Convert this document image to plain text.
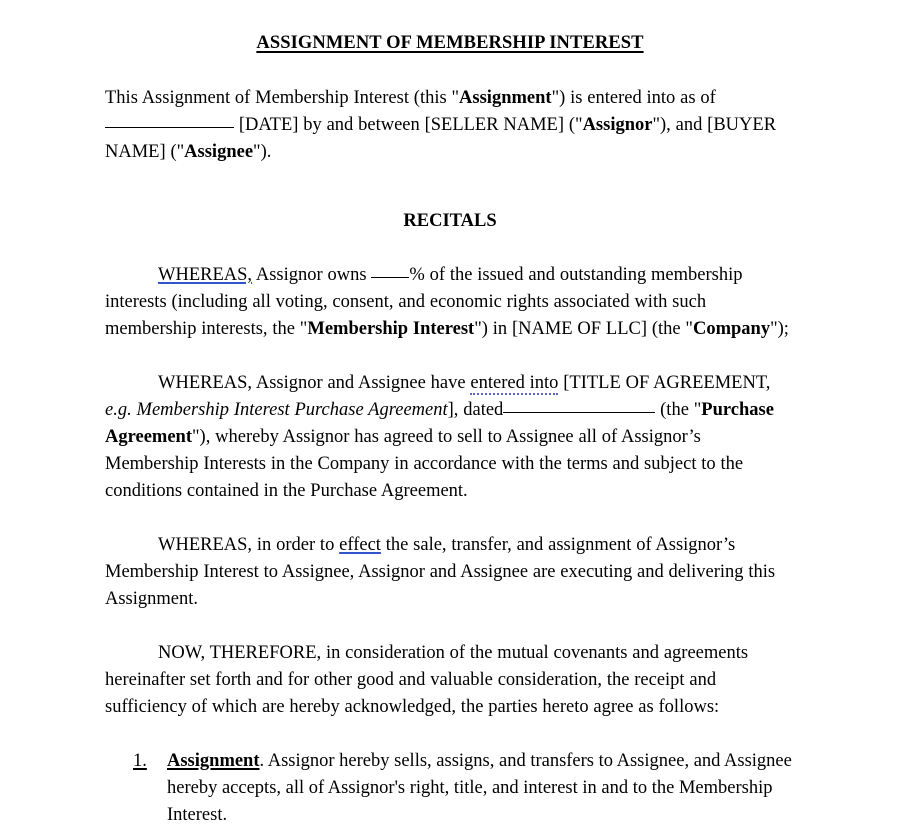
ASSIGNMENT OF MEMBERSHIP INTEREST

This Assignment of Membership Interest (this "Assignment") is entered into as of  [DATE] by and between [SELLER NAME] ("Assignor"), and [BUYER NAME] ("Assignee").

RECITALS

WHEREAS, Assignor owns % of the issued and outstanding membership interests (including all voting, consent, and economic rights associated with such membership interests, the "Membership Interest") in [NAME OF LLC] (the "Company");

WHEREAS, Assignor and Assignee have entered into [TITLE OF AGREEMENT, e.g. Membership Interest Purchase Agreement], dated	(the "Purchase Agreement"), whereby Assignor has agreed to sell to Assignee all of Assignor’s Membership Interests in the Company in accordance with the terms and subject to the conditions contained in the Purchase Agreement.

WHEREAS, in order to effect the sale, transfer, and assignment of Assignor’s Membership Interest to Assignee, Assignor and Assignee are executing and delivering this Assignment.

NOW, THEREFORE, in consideration of the mutual covenants and agreements hereinafter set forth and for other good and valuable consideration, the receipt and sufficiency of which are hereby acknowledged, the parties hereto agree as follows:

1. Assignment. Assignor hereby sells, assigns, and transfers to Assignee, and Assignee hereby accepts, all of Assignor's right, title, and interest in and to the Membership Interest.
